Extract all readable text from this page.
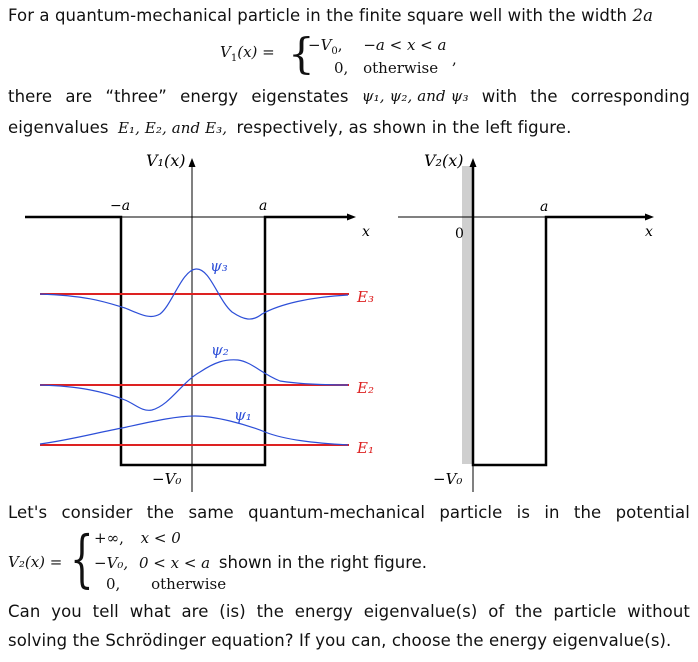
For a quantum-mechanical particle in the finite square well with the width 2a
$V_1(x)$ = {
$-V_0$, −a < x < a
0, otherwise ,
there are “three” energy eigenstates ψ₁, ψ₂, and ψ₃ with the corresponding
eigenvalues E₁, E₂, and E₃, respectively, as shown in the left figure.
V₁(x)
−a	a
x
ψ₃
ψ₂
ψ₁
E₃
E₂
E₁
−V₀
V₂(x)
0
a
x
−V₀
Let's consider the same quantum-mechanical particle is in the potential
V₂(x) = { +∞, x < 0
−V₀, 0 < x < a shown in the right figure.
0, otherwise
Can you tell what are (is) the energy eigenvalue(s) of the particle without
solving the Schrödinger equation? If you can, choose the energy eigenvalue(s).
